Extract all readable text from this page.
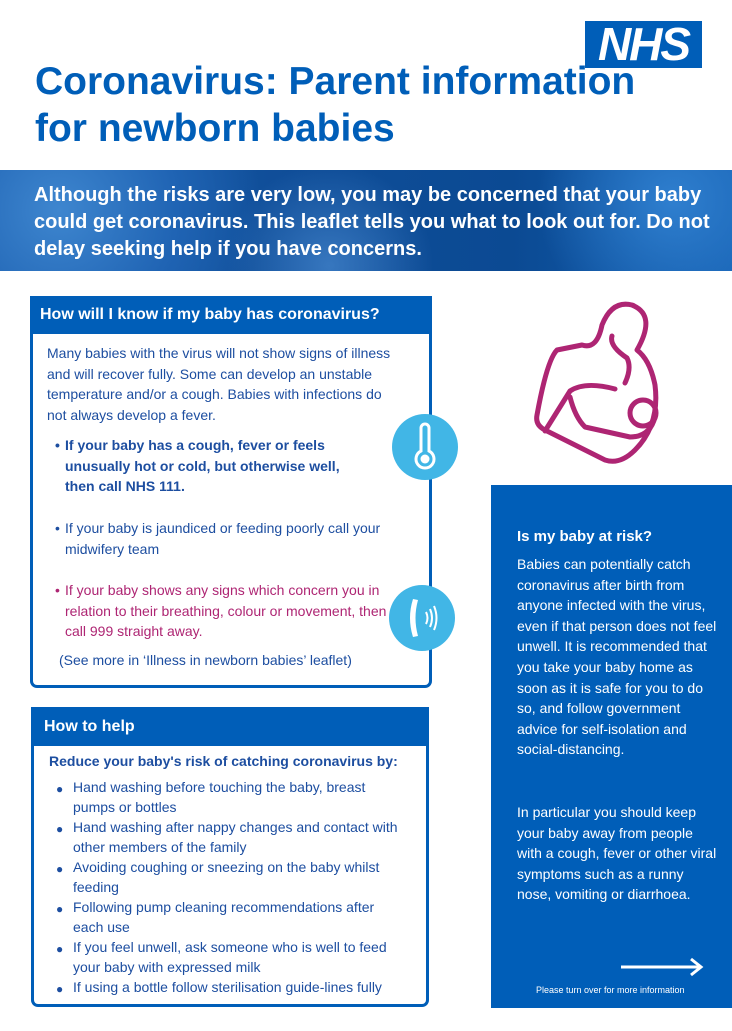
NHS
Coronavirus: Parent information for newborn babies

Although the risks are very low, you may be concerned that your baby could get coronavirus. This leaflet tells you what to look out for. Do not delay seeking help if you have concerns.

How will I know if my baby has coronavirus?

Many babies with the virus will not show signs of illness and will recover fully. Some can develop an unstable temperature and/or a cough. Babies with infections do not always develop a fever.

• If your baby has a cough, fever or feels unusually hot or cold, but otherwise well, then call NHS 111.

• If your baby is jaundiced or feeding poorly call your midwifery team

• If your baby shows any signs which concern you in relation to their breathing, colour or movement, then call 999 straight away.

(See more in ‘Illness in newborn babies’ leaflet)

How to help

Reduce your baby's risk of catching coronavirus by:

● Hand washing before touching the baby, breast pumps or bottles
● Hand washing after nappy changes and contact with other members of the family
● Avoiding coughing or sneezing on the baby whilst feeding
● Following pump cleaning recommendations after each use
● If you feel unwell, ask someone who is well to feed your baby with expressed milk
● If using a bottle follow sterilisation guide-lines fully
Is my baby at risk?

Babies can potentially catch coronavirus after birth from anyone infected with the virus, even if that person does not feel unwell. It is recommended that you take your baby home as soon as it is safe for you to do so, and follow government advice for self-isolation and social-distancing.

In particular you should keep your baby away from people with a cough, fever or other viral symptoms such as a runny nose, vomiting or diarrhoea.

Please turn over for more information
